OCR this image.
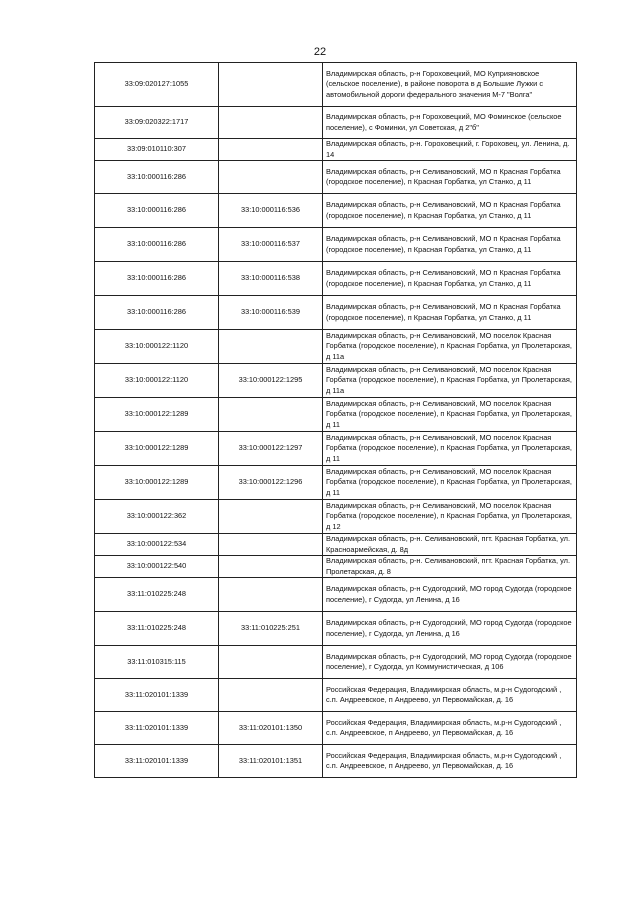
22
33:09:020127:1055		Владимирская область, р-н Гороховецкий, МО Куприяновское (сельское поселение), в районе поворота в д Большие Лужки с автомобильной дороги федерального значения М-7 "Волга"
33:09:020322:1717		Владимирская область, р-н Гороховецкий, МО Фоминское (сельское поселение), с Фоминки, ул Советская, д 2"б"
33:09:010110:307		Владимирская область, р-н. Гороховецкий, г. Гороховец, ул. Ленина, д. 14
33:10:000116:286		Владимирская область, р-н Селивановский, МО п Красная Горбатка (городское поселение), п Красная Горбатка, ул Станко, д 11
33:10:000116:286	33:10:000116:536	Владимирская область, р-н Селивановский, МО п Красная Горбатка (городское поселение), п Красная Горбатка, ул Станко, д 11
33:10:000116:286	33:10:000116:537	Владимирская область, р-н Селивановский, МО п Красная Горбатка (городское поселение), п Красная Горбатка, ул Станко, д 11
33:10:000116:286	33:10:000116:538	Владимирская область, р-н Селивановский, МО п Красная Горбатка (городское поселение), п Красная Горбатка, ул Станко, д 11
33:10:000116:286	33:10:000116:539	Владимирская область, р-н Селивановский, МО п Красная Горбатка (городское поселение), п Красная Горбатка, ул Станко, д 11
33:10:000122:1120		Владимирская область, р-н Селивановский, МО поселок Красная Горбатка (городское поселение), п Красная Горбатка, ул Пролетарская, д 11а
33:10:000122:1120	33:10:000122:1295	Владимирская область, р-н Селивановский, МО поселок Красная Горбатка (городское поселение), п Красная Горбатка, ул Пролетарская, д 11а
33:10:000122:1289		Владимирская область, р-н Селивановский, МО поселок Красная Горбатка (городское поселение), п Красная Горбатка, ул Пролетарская, д 11
33:10:000122:1289	33:10:000122:1297	Владимирская область, р-н Селивановский, МО поселок Красная Горбатка (городское поселение), п Красная Горбатка, ул Пролетарская, д 11
33:10:000122:1289	33:10:000122:1296	Владимирская область, р-н Селивановский, МО поселок Красная Горбатка (городское поселение), п Красная Горбатка, ул Пролетарская, д 11
33:10:000122:362		Владимирская область, р-н Селивановский, МО поселок Красная Горбатка (городское поселение), п Красная Горбатка, ул Пролетарская, д 12
33:10:000122:534		Владимирская область, р-н. Селивановский, пгт. Красная Горбатка, ул. Красноармейская, д. 8д
33:10:000122:540		Владимирская область, р-н. Селивановский, пгт. Красная Горбатка, ул. Пролетарская, д. 8
33:11:010225:248		Владимирская область, р-н Судогодский, МО город Судогда (городское поселение), г Судогда, ул Ленина, д 16
33:11:010225:248	33:11:010225:251	Владимирская область, р-н Судогодский, МО город Судогда (городское поселение), г Судогда, ул Ленина, д 16
33:11:010315:115		Владимирская область, р-н Судогодский, МО город Судогда (городское поселение), г Судогда, ул Коммунистическая, д 106
33:11:020101:1339		Российская Федерация, Владимирская область, м.р-н Судогодский , с.п. Андреевское, п Андреево, ул Первомайская, д. 16
33:11:020101:1339	33:11:020101:1350	Российская Федерация, Владимирская область, м.р-н Судогодский , с.п. Андреевское, п Андреево, ул Первомайская, д. 16
33:11:020101:1339	33:11:020101:1351	Российская Федерация, Владимирская область, м.р-н Судогодский , с.п. Андреевское, п Андреево, ул Первомайская, д. 16
